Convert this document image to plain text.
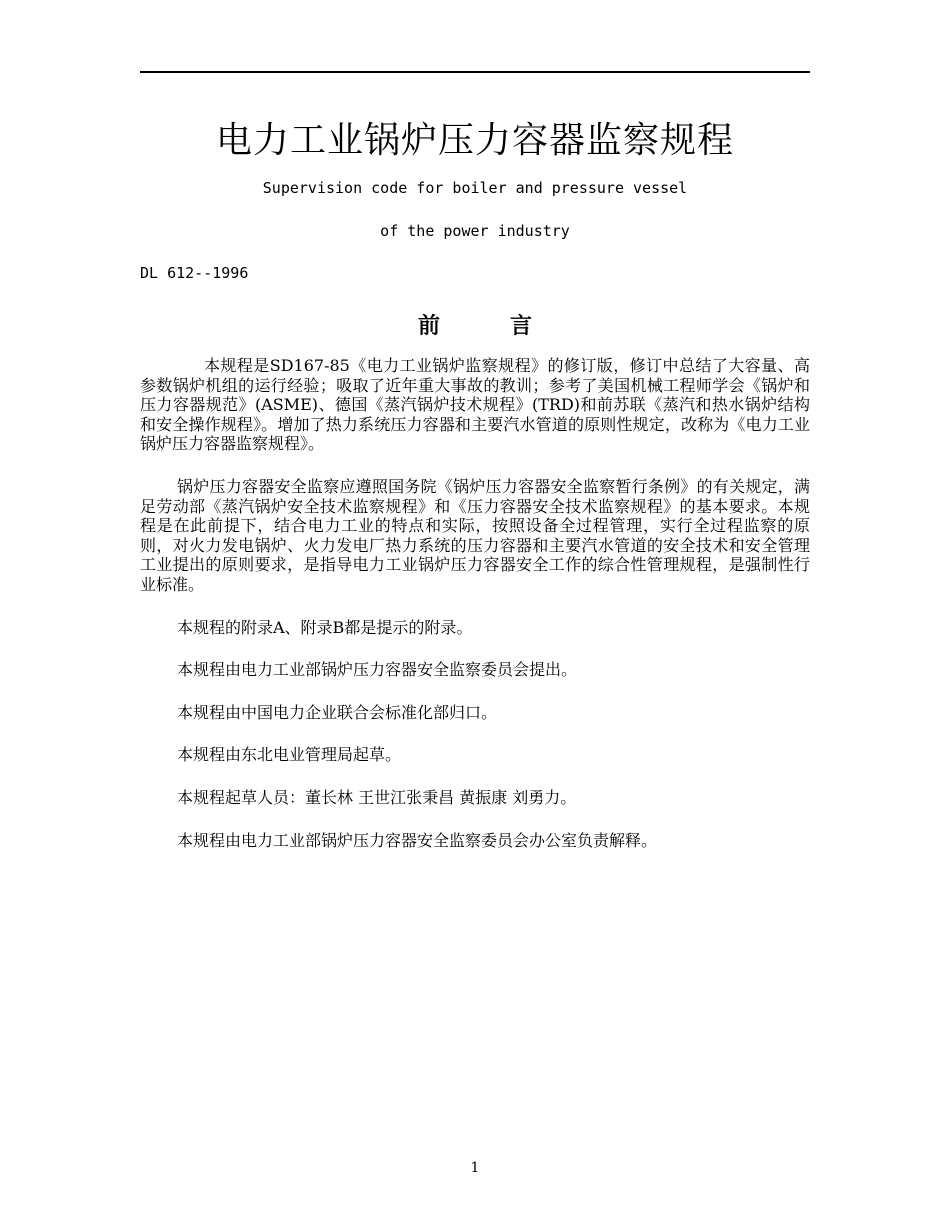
电力工业锅炉压力容器监察规程
Supervision code for boiler and pressure vessel
of the power industry
DL 612--1996
前	言

本规程是SD167-85《电力工业锅炉监察规程》的修订版，修订中总结了大容量、高参数锅炉机组的运行经验；吸取了近年重大事故的教训；参考了美国机械工程师学会《锅炉和压力容器规范》(ASME)、德国《蒸汽锅炉技术规程》(TRD)和前苏联《蒸汽和热水锅炉结构和安全操作规程》。增加了热力系统压力容器和主要汽水管道的原则性规定，改称为《电力工业锅炉压力容器监察规程》。

锅炉压力容器安全监察应遵照国务院《锅炉压力容器安全监察暂行条例》的有关规定，满足劳动部《蒸汽锅炉安全技术监察规程》和《压力容器安全技术监察规程》的基本要求。本规程是在此前提下，结合电力工业的特点和实际，按照设备全过程管理，实行全过程监察的原则，对火力发电锅炉、火力发电厂热力系统的压力容器和主要汽水管道的安全技术和安全管理工业提出的原则要求，是指导电力工业锅炉压力容器安全工作的综合性管理规程，是强制性行业标准。

本规程的附录A、附录B都是提示的附录。

本规程由电力工业部锅炉压力容器安全监察委员会提出。

本规程由中国电力企业联合会标准化部归口。

本规程由东北电业管理局起草。

本规程起草人员：董长林 王世江张秉昌 黄振康 刘勇力。

本规程由电力工业部锅炉压力容器安全监察委员会办公室负责解释。

1
